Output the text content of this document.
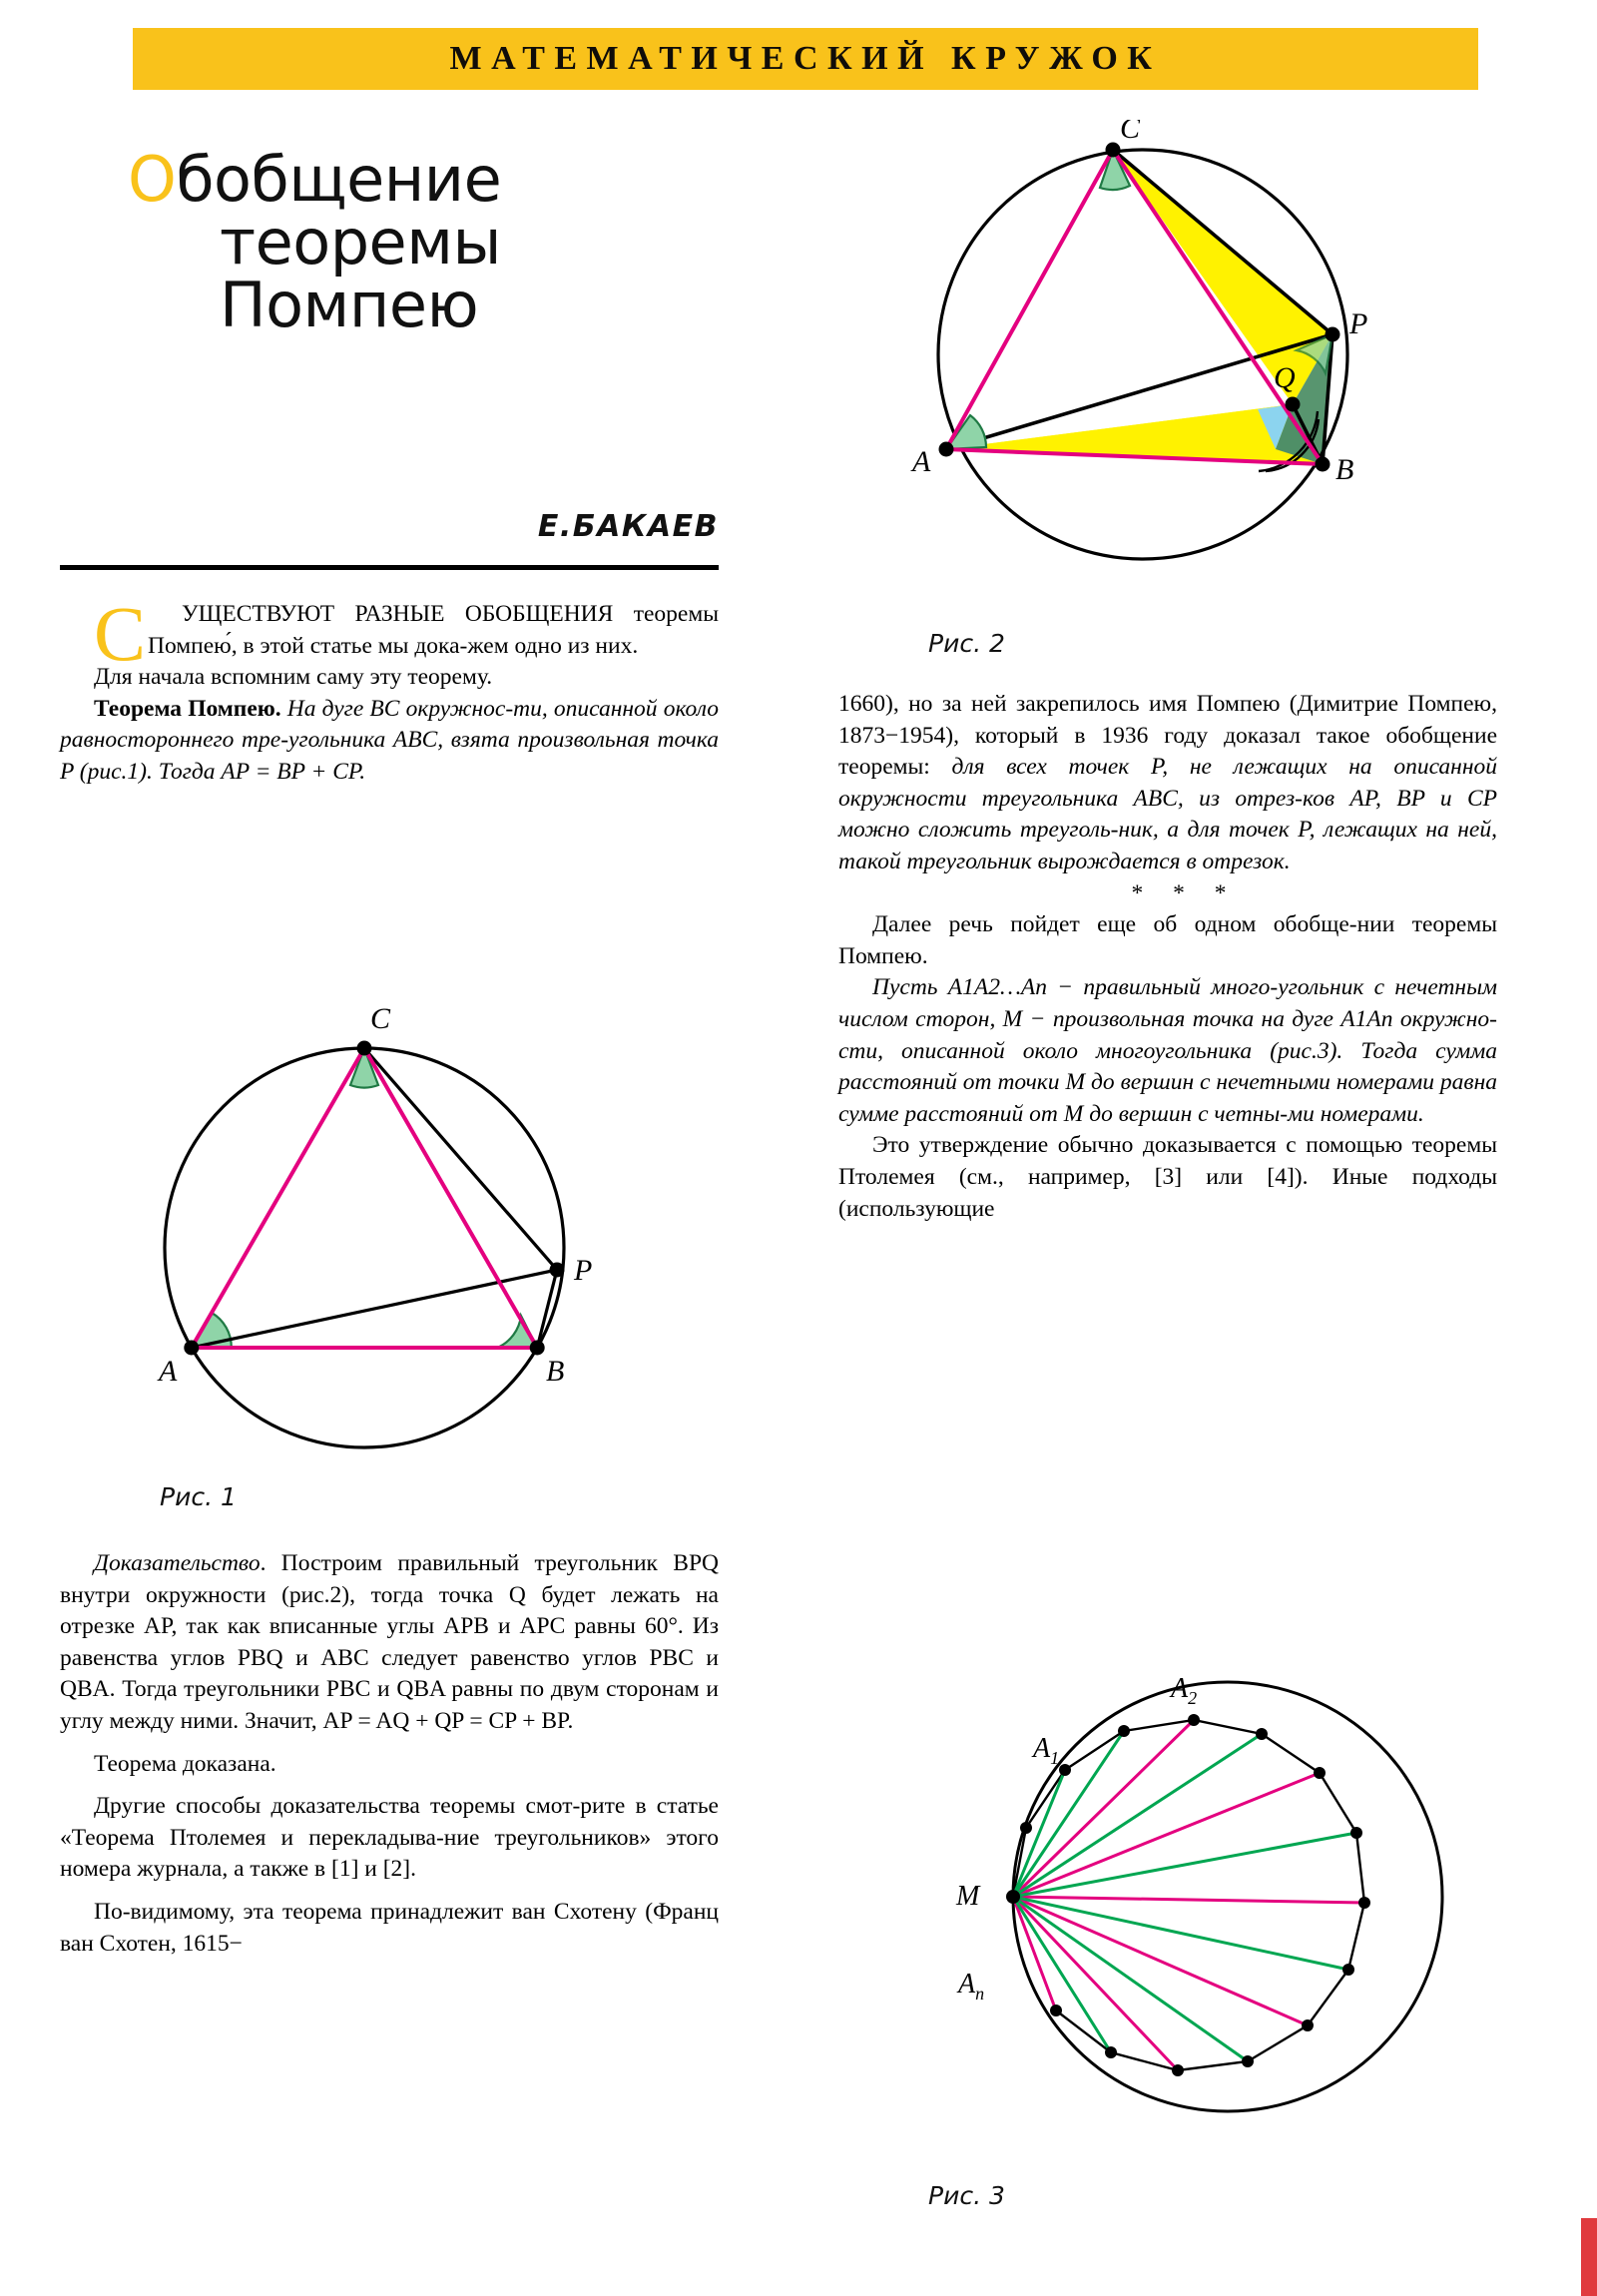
МАТЕМАТИЧЕСКИЙ КРУЖОК
Обобщение
теоремы
Помпею
Е.БАКАЕВ

С УЩЕСТВУЮТ РАЗНЫЕ ОБОБЩЕНИЯ теоремы Помпею́, в этой статье мы дока-жем одно из них.

Для начала вспомним саму эту теорему.

Теорема Помпею. На дуге BC окружнос-ти, описанной около равностороннего тре-угольника ABC, взята произвольная точка P (рис.1). Тогда AP = BP + CP.

C
A	B
P
Рис. 1

Доказательство. Построим правильный треугольник BPQ внутри окружности (рис.2), тогда точка Q будет лежать на отрезке AP, так как вписанные углы APB и APC равны 60°. Из равенства углов PBQ и ABC следует равенство углов PBC и QBA. Тогда треугольники PBC и QBA равны по двум сторонам и углу между ними. Значит, AP = AQ + QP = CP + BP.

Теорема доказана.

Другие способы доказательства теоремы смот-рите в статье «Теорема Птолемея и перекладыва-ние треугольников» этого номера журнала, а также в [1] и [2].

По-видимому, эта теорема принадлежит ван Схотену (Франц ван Схотен, 1615−

C
A	B
P
Q
Рис. 2

1660), но за ней закрепилось имя Помпею (Димитрие Помпею, 1873−1954), который в 1936 году доказал такое обобщение теоремы: для всех точек P, не лежащих на описанной окружности треугольника ABC, из отрез-ков AP, BP и CP можно сложить треуголь-ник, а для точек P, лежащих на ней, такой треугольник вырождается в отрезок.

* * *

Далее речь пойдет еще об одном обобще-нии теоремы Помпею.

Пусть A1A2…An − правильный много-угольник с нечетным числом сторон, M − произвольная точка на дуге A1An окружно-сти, описанной около многоугольника (рис.3). Тогда сумма расстояний от точки M до вершин с нечетными номерами равна сумме расстояний от M до вершин с четны-ми номерами.

Это утверждение обычно доказывается с помощью теоремы Птолемея (см., например, [3] или [4]). Иные подходы (использующие

$A_1$
$A_2$
M
$A_n$
Рис. 3
